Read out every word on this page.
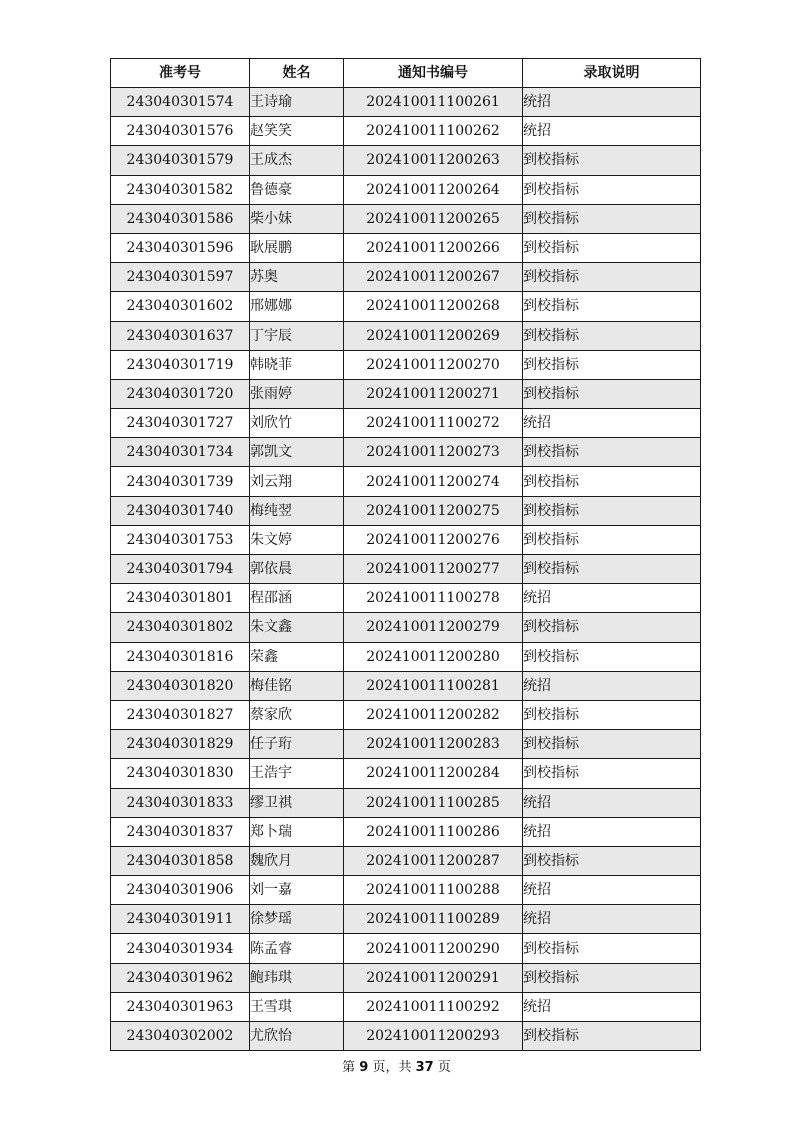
准考号	姓名	通知书编号	录取说明
243040301574	王诗瑜	202410011100261	统招
243040301576	赵笑笑	202410011100262	统招
243040301579	王成杰	202410011200263	到校指标
243040301582	鲁德豪	202410011200264	到校指标
243040301586	柴小妹	202410011200265	到校指标
243040301596	耿展鹏	202410011200266	到校指标
243040301597	苏奥	202410011200267	到校指标
243040301602	邢娜娜	202410011200268	到校指标
243040301637	丁宇辰	202410011200269	到校指标
243040301719	韩晓菲	202410011200270	到校指标
243040301720	张雨婷	202410011200271	到校指标
243040301727	刘欣竹	202410011100272	统招
243040301734	郭凯文	202410011200273	到校指标
243040301739	刘云翔	202410011200274	到校指标
243040301740	梅纯翌	202410011200275	到校指标
243040301753	朱文婷	202410011200276	到校指标
243040301794	郭依晨	202410011200277	到校指标
243040301801	程邵涵	202410011100278	统招
243040301802	朱文鑫	202410011200279	到校指标
243040301816	荣鑫	202410011200280	到校指标
243040301820	梅佳铭	202410011100281	统招
243040301827	蔡家欣	202410011200282	到校指标
243040301829	任子珩	202410011200283	到校指标
243040301830	王浩宇	202410011200284	到校指标
243040301833	缪卫祺	202410011100285	统招
243040301837	郑卜瑞	202410011100286	统招
243040301858	魏欣月	202410011200287	到校指标
243040301906	刘一嘉	202410011100288	统招
243040301911	徐梦瑶	202410011100289	统招
243040301934	陈孟睿	202410011200290	到校指标
243040301962	鲍玮琪	202410011200291	到校指标
243040301963	王雪琪	202410011100292	统招
243040302002	尤欣怡	202410011200293	到校指标
第 9 页，共 37 页
